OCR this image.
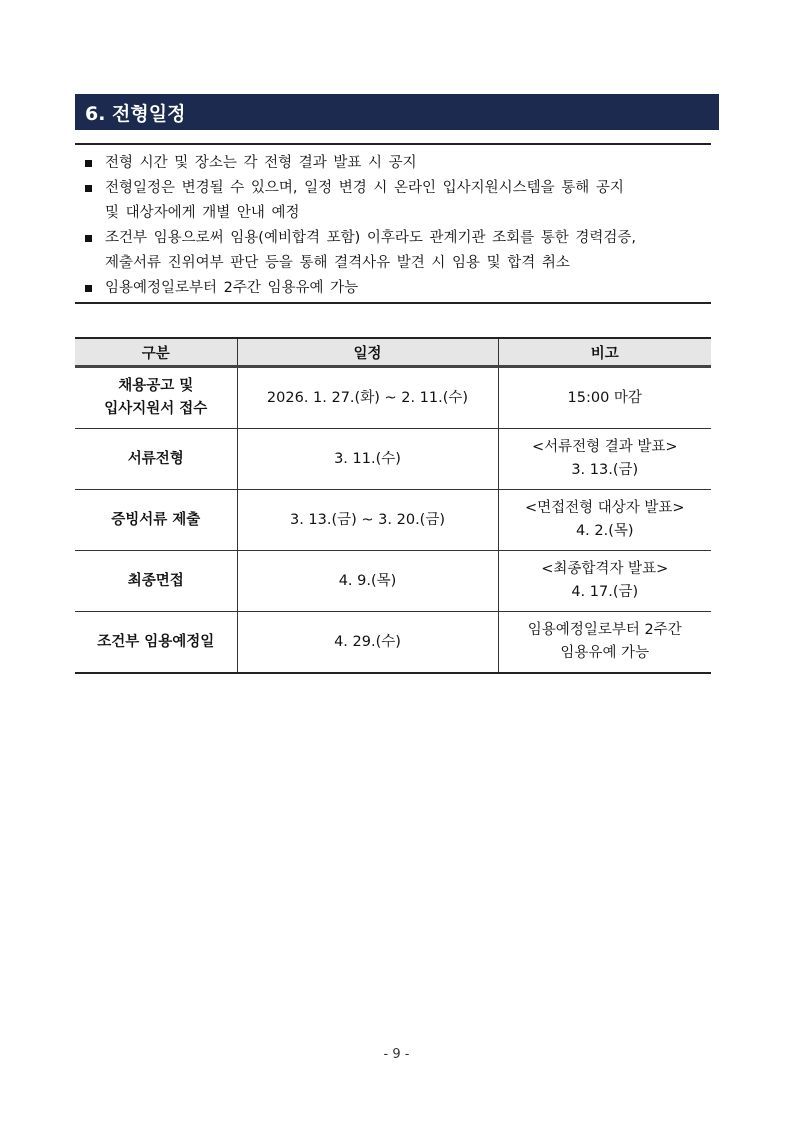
6. 전형일정
전형 시간 및 장소는 각 전형 결과 발표 시 공지
전형일정은 변경될 수 있으며, 일정 변경 시 온라인 입사지원시스템을 통해 공지
및 대상자에게 개별 안내 예정
조건부 임용으로써 임용(예비합격 포함) 이후라도 관계기관 조회를 통한 경력검증,
제출서류 진위여부 판단 등을 통해 결격사유 발견 시 임용 및 합격 취소
임용예정일로부터 2주간 임용유예 가능
구분	일정	비고

채용공고 및
입사지원서 접수	2026. 1. 27.(화) ~ 2. 11.(수)	15:00 마감

서류전형	3. 11.(수)	<서류전형 결과 발표>
3. 13.(금)

증빙서류 제출	3. 13.(금) ~ 3. 20.(금)	<면접전형 대상자 발표>
4. 2.(목)

최종면접	4. 9.(목)	<최종합격자 발표>
4. 17.(금)

조건부 임용예정일	4. 29.(수)	임용예정일로부터 2주간
임용유예 가능
- 9 -
